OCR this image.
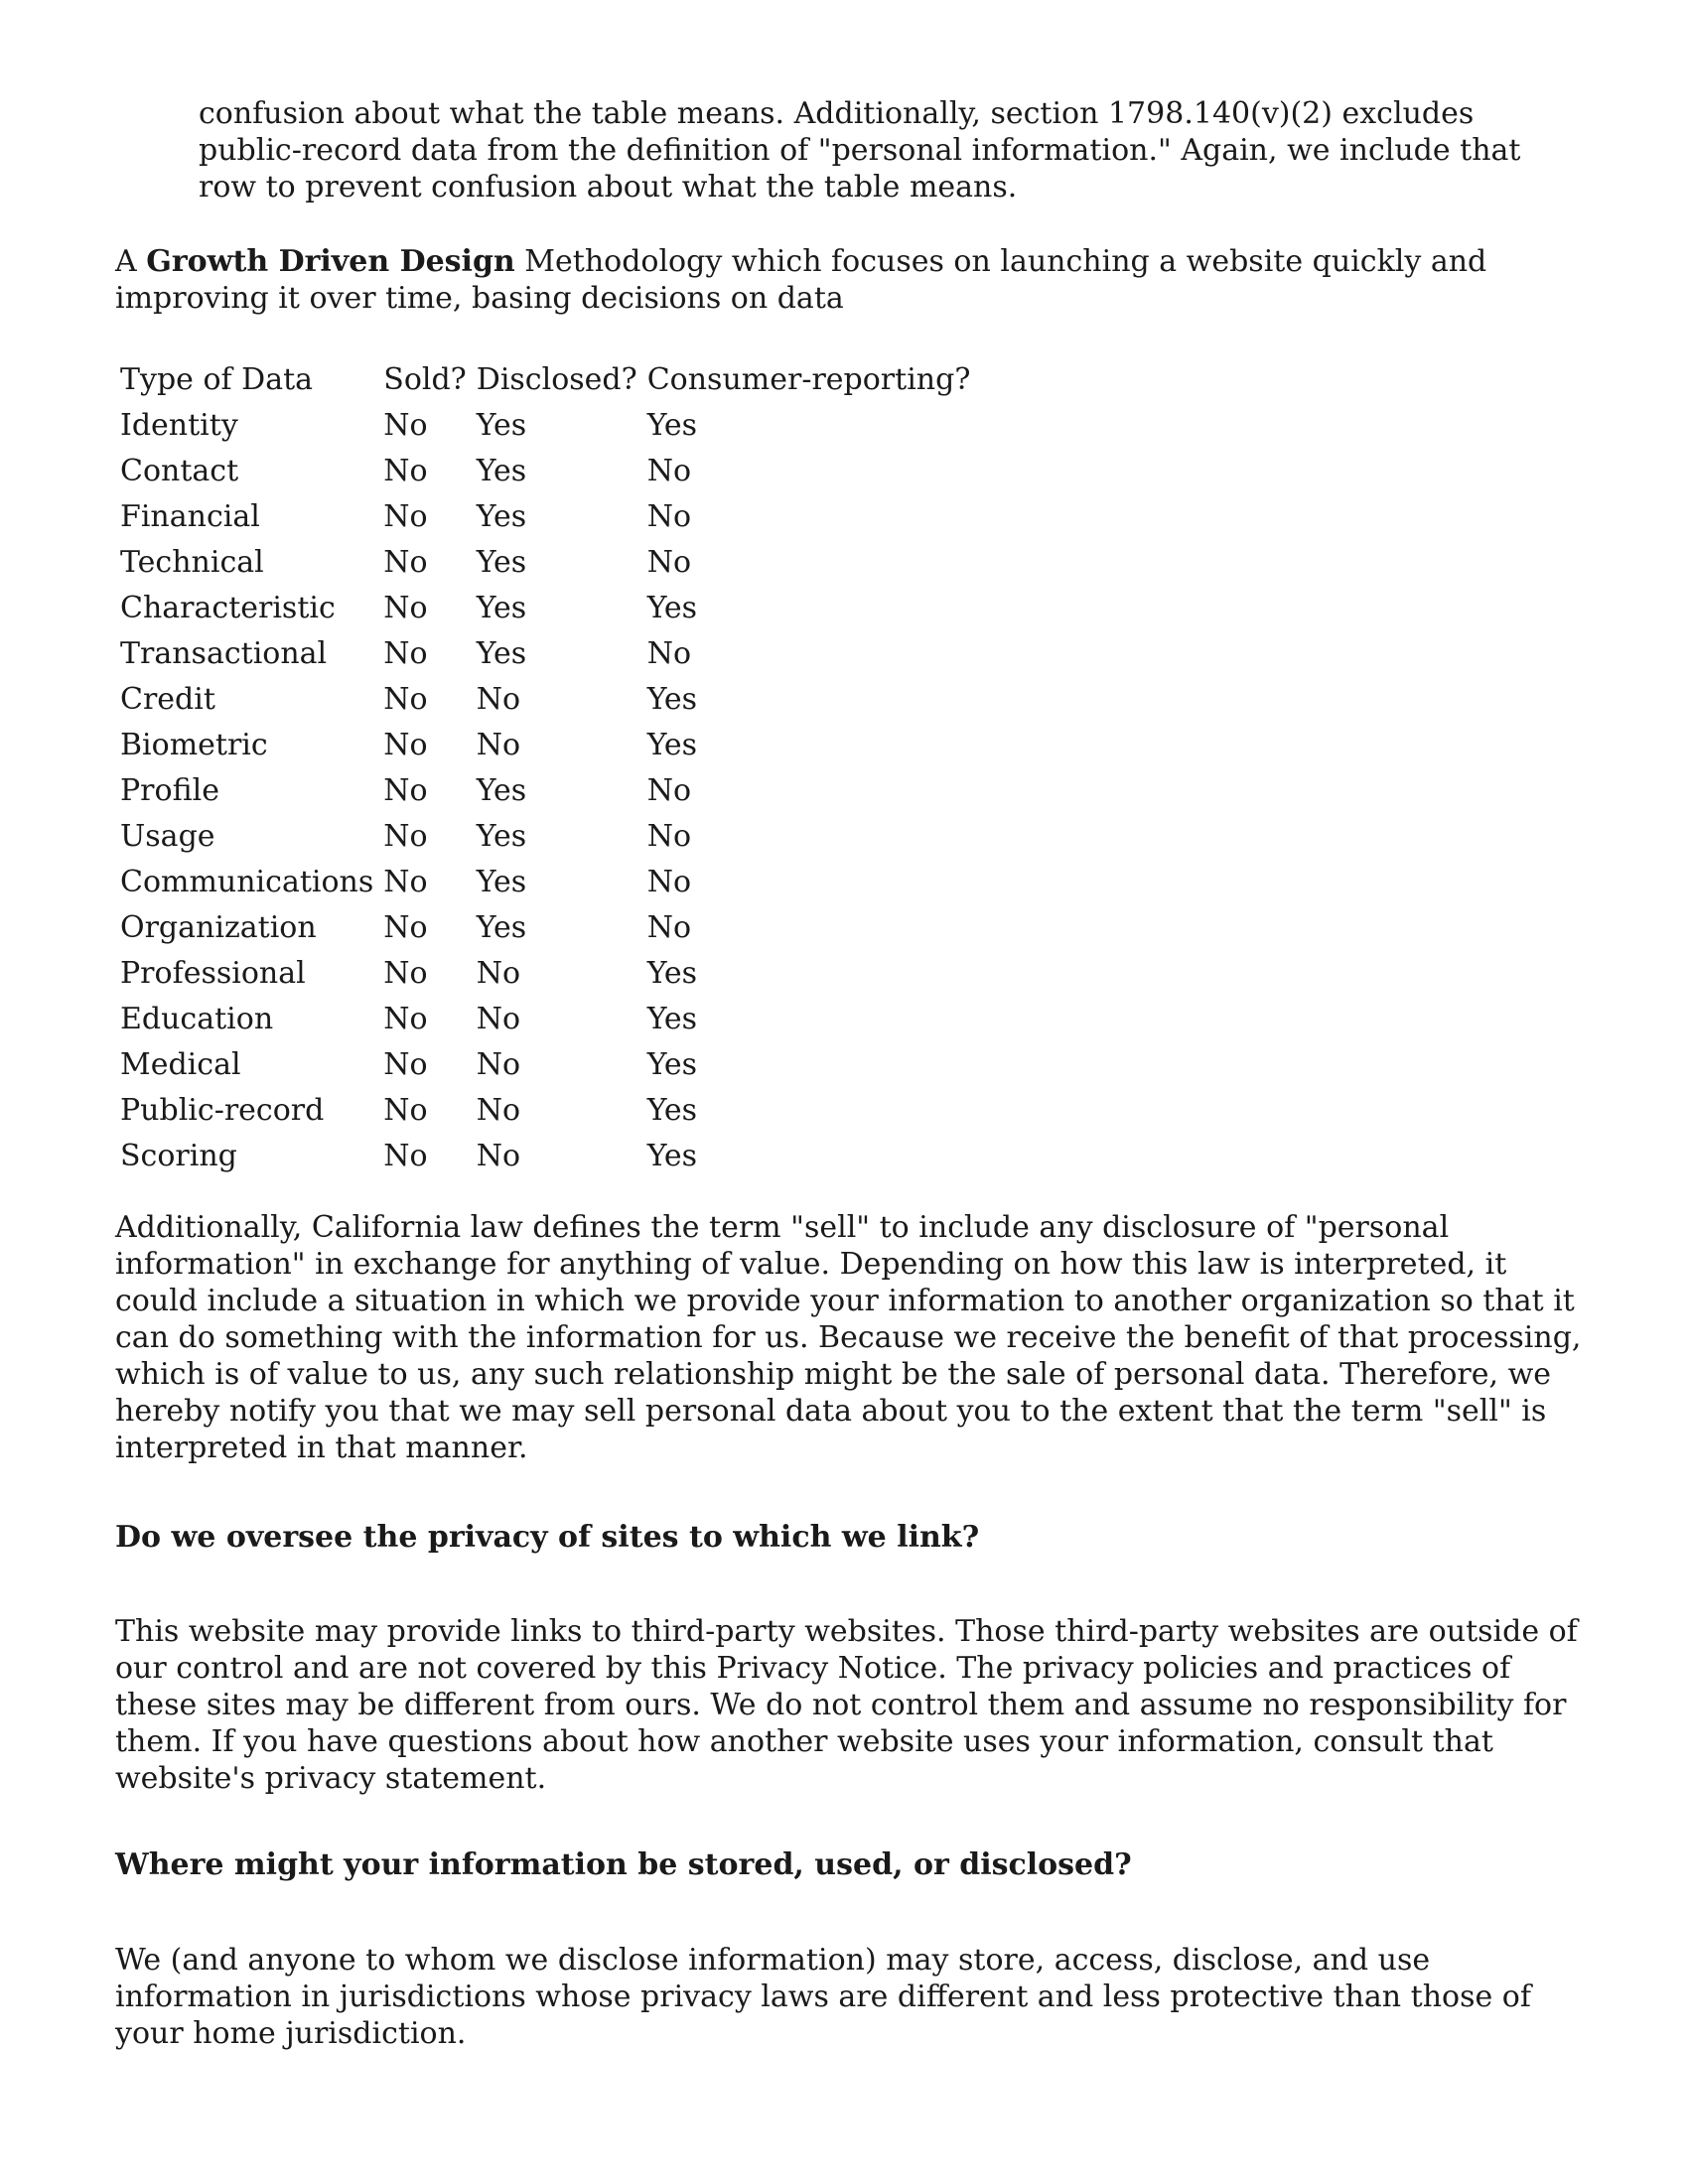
confusion about what the table means. Additionally, section 1798.140(v)(2) excludes public-record data from the definition of "personal information." Again, we include that row to prevent confusion about what the table means.

A Growth Driven Design Methodology which focuses on launching a website quickly and improving it over time, basing decisions on data

Type of Data	Sold?	Disclosed?	Consumer-reporting?
Identity	No	Yes	Yes
Contact	No	Yes	No
Financial	No	Yes	No
Technical	No	Yes	No
Characteristic	No	Yes	Yes
Transactional	No	Yes	No
Credit	No	No	Yes
Biometric	No	No	Yes
Profile	No	Yes	No
Usage	No	Yes	No
Communications	No	Yes	No
Organization	No	Yes	No
Professional	No	No	Yes
Education	No	No	Yes
Medical	No	No	Yes
Public-record	No	No	Yes
Scoring	No	No	Yes

Additionally, California law defines the term "sell" to include any disclosure of "personal information" in exchange for anything of value. Depending on how this law is interpreted, it could include a situation in which we provide your information to another organization so that it can do something with the information for us. Because we receive the benefit of that processing, which is of value to us, any such relationship might be the sale of personal data. Therefore, we hereby notify you that we may sell personal data about you to the extent that the term "sell" is interpreted in that manner.

Do we oversee the privacy of sites to which we link?

This website may provide links to third-party websites. Those third-party websites are outside of our control and are not covered by this Privacy Notice. The privacy policies and practices of these sites may be different from ours. We do not control them and assume no responsibility for them. If you have questions about how another website uses your information, consult that website's privacy statement.

Where might your information be stored, used, or disclosed?

We (and anyone to whom we disclose information) may store, access, disclose, and use information in jurisdictions whose privacy laws are different and less protective than those of your home jurisdiction.
